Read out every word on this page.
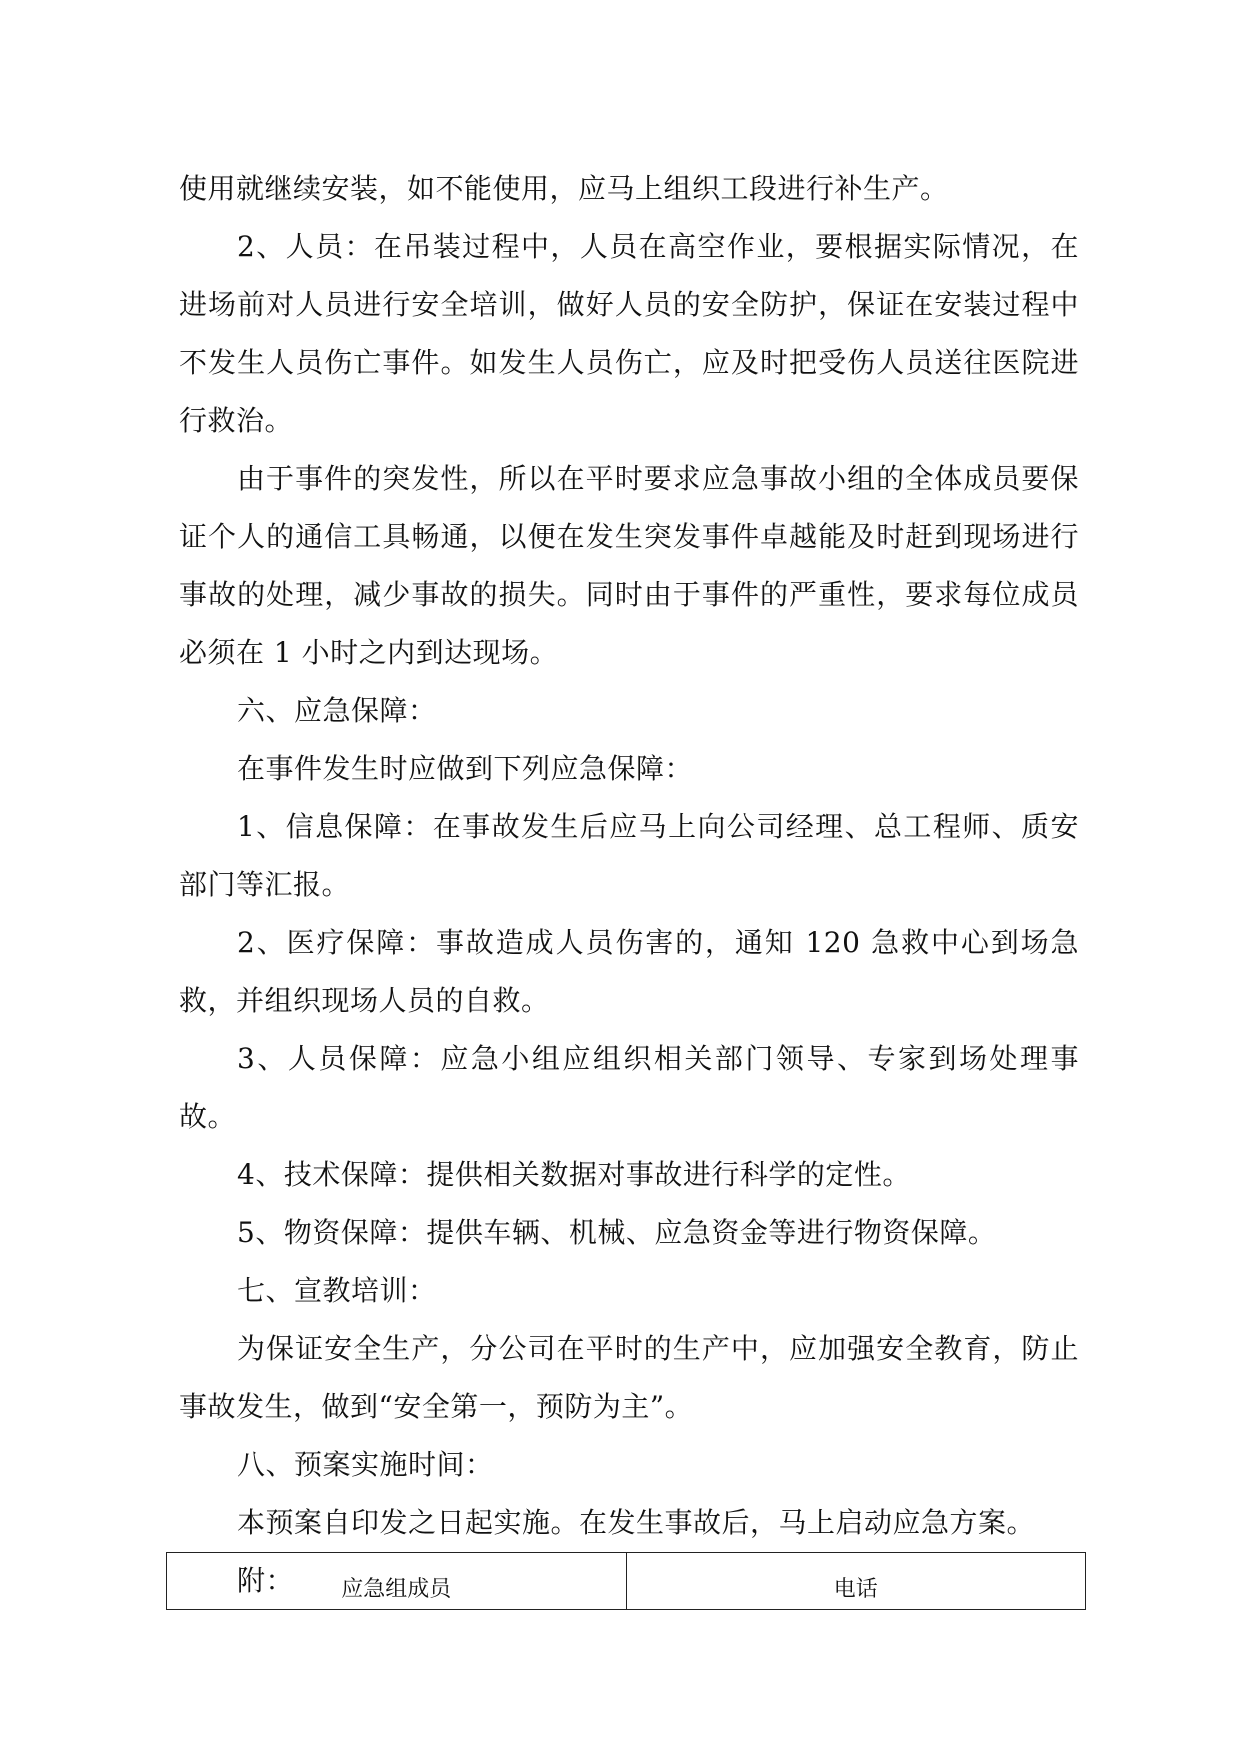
使用就继续安装，如不能使用，应马上组织工段进行补生产。

2、人员：在吊装过程中，人员在高空作业，要根据实际情况，在进场前对人员进行安全培训，做好人员的安全防护，保证在安装过程中不发生人员伤亡事件。如发生人员伤亡，应及时把受伤人员送往医院进行救治。

由于事件的突发性，所以在平时要求应急事故小组的全体成员要保证个人的通信工具畅通，以便在发生突发事件卓越能及时赶到现场进行事故的处理，减少事故的损失。同时由于事件的严重性，要求每位成员必须在 1 小时之内到达现场。

六、应急保障：

在事件发生时应做到下列应急保障：

1、信息保障：在事故发生后应马上向公司经理、总工程师、质安部门等汇报。

2、医疗保障：事故造成人员伤害的，通知 120 急救中心到场急救，并组织现场人员的自救。

3、人员保障：应急小组应组织相关部门领导、专家到场处理事故。

4、技术保障：提供相关数据对事故进行科学的定性。

5、物资保障：提供车辆、机械、应急资金等进行物资保障。

七、宣教培训：

为保证安全生产，分公司在平时的生产中，应加强安全教育，防止事故发生，做到“安全第一，预防为主”。

八、预案实施时间：

本预案自印发之日起实施。在发生事故后，马上启动应急方案。

附：	应急组成员	电话
